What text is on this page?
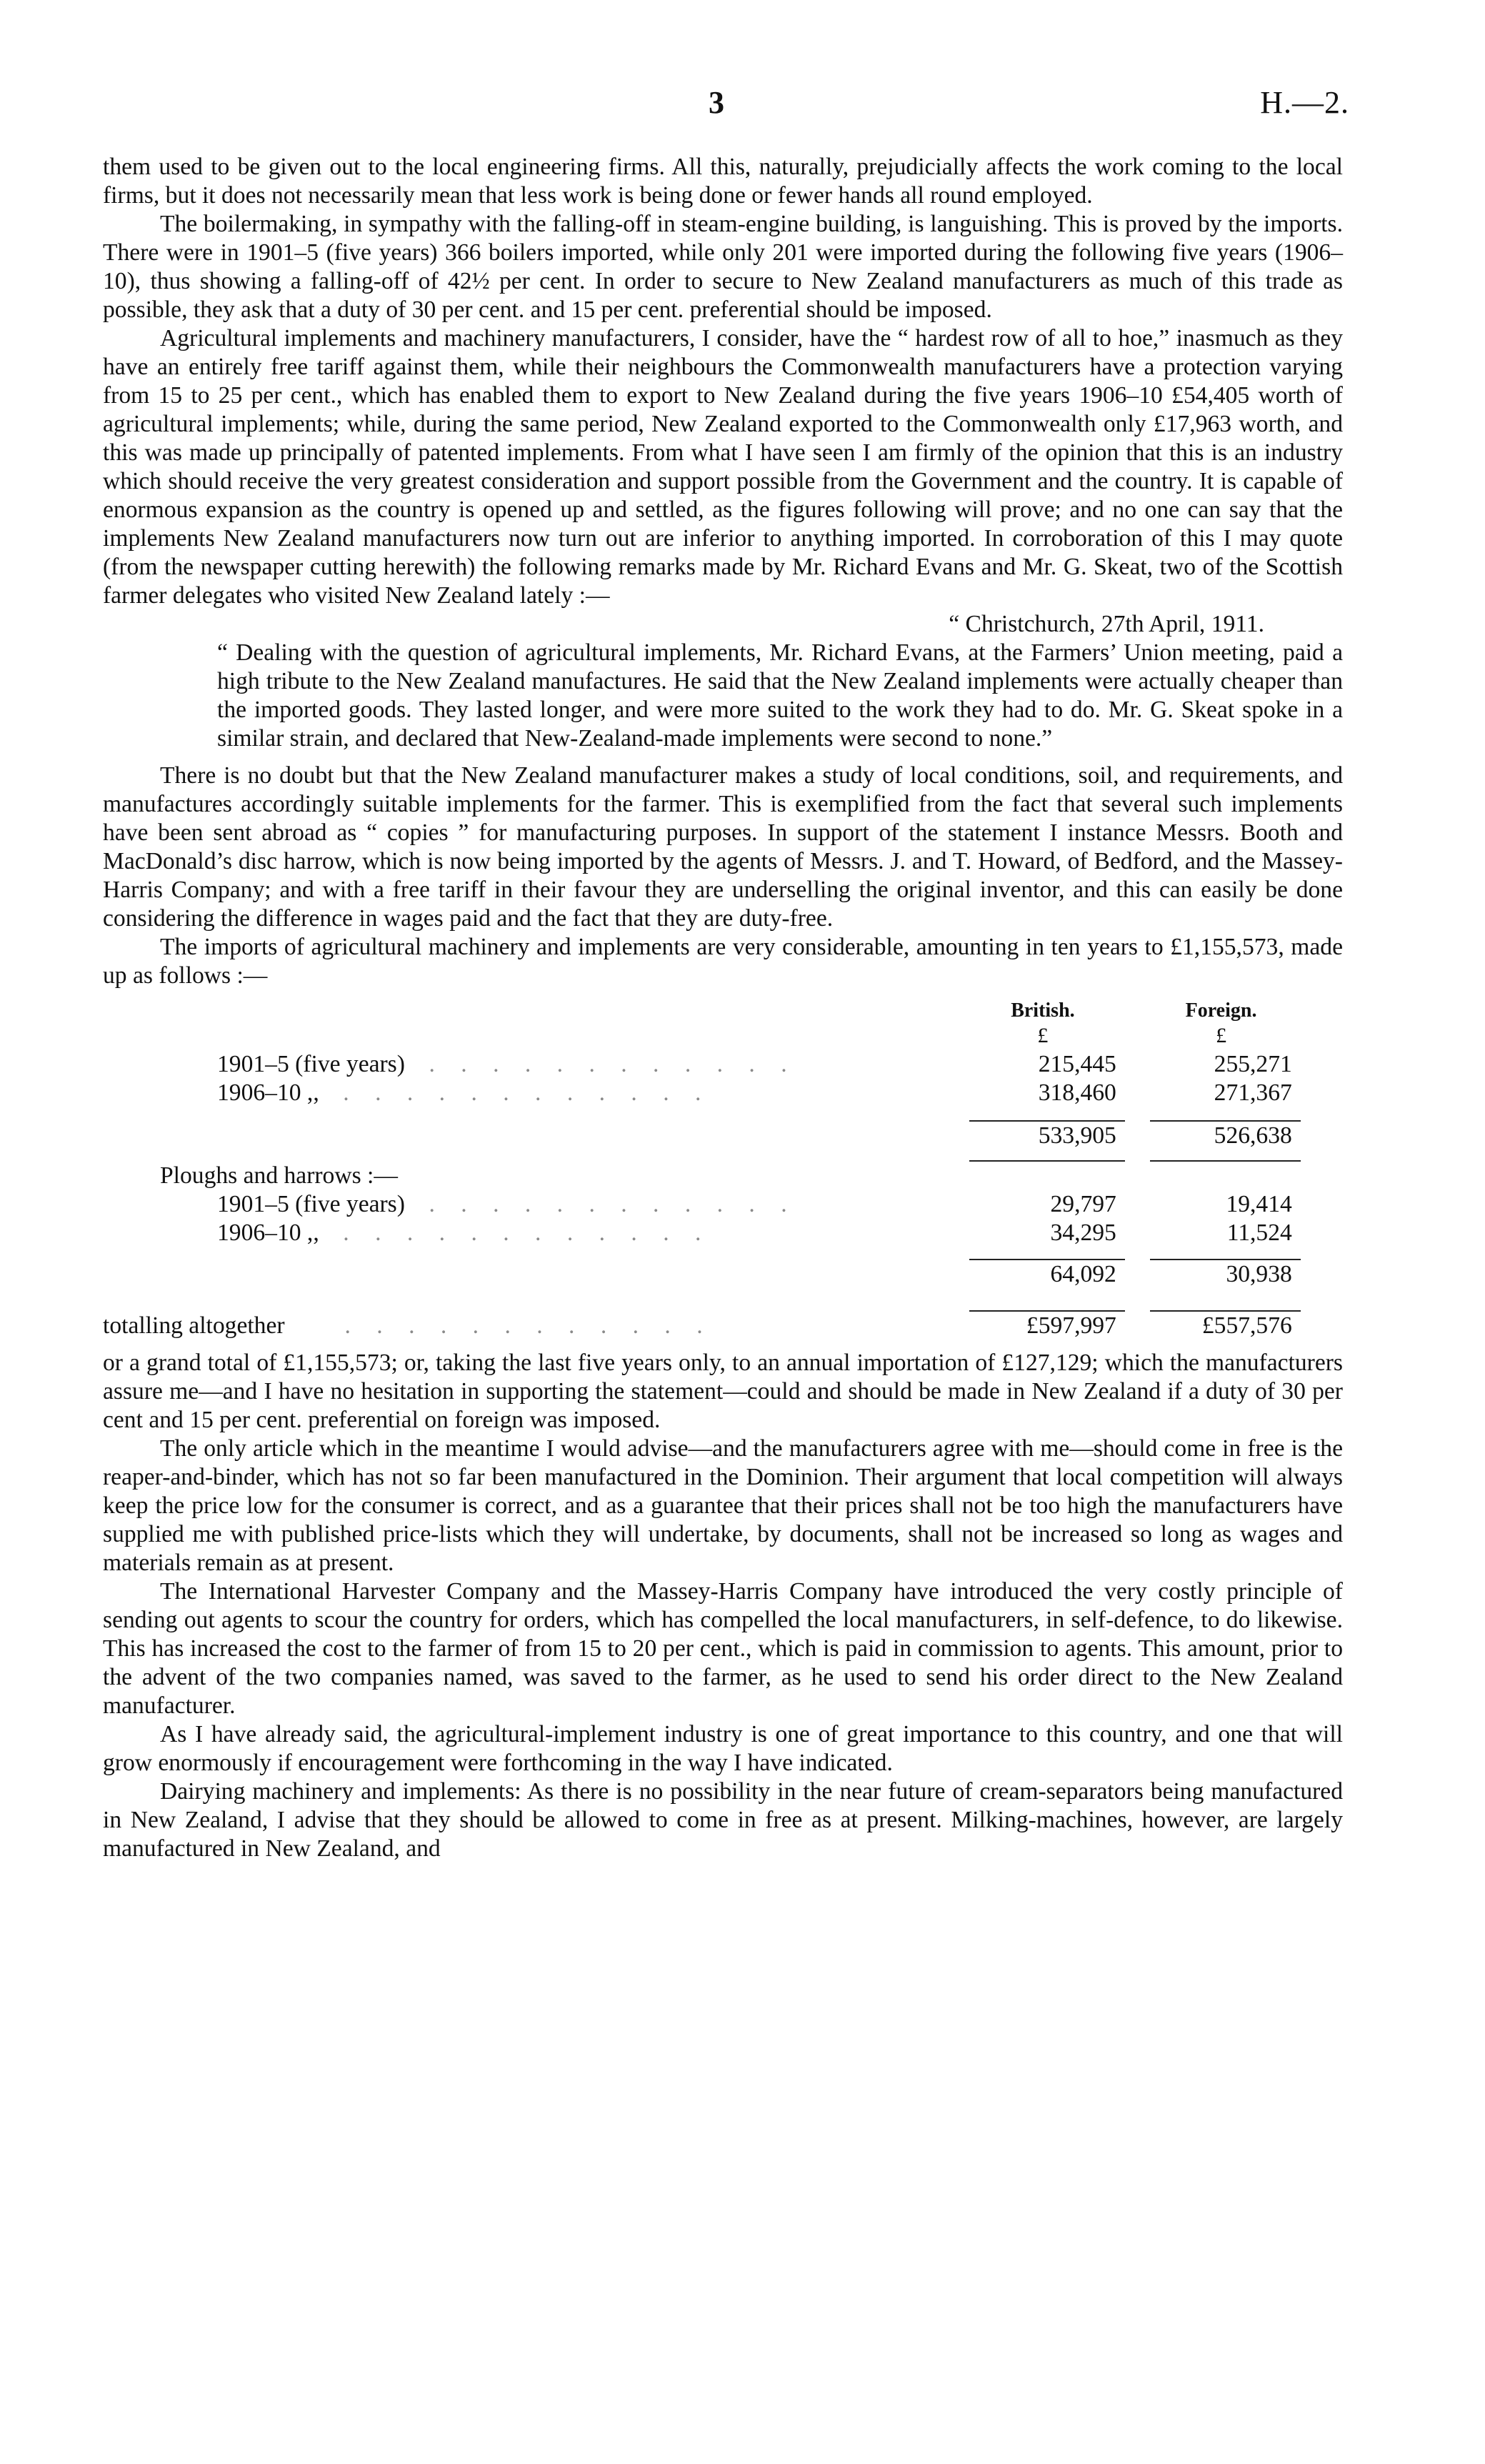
3	H.—2.

them used to be given out to the local engineering firms. All this, naturally, prejudicially affects the work coming to the local firms, but it does not necessarily mean that less work is being done or fewer hands all round employed.

The boilermaking, in sympathy with the falling-off in steam-engine building, is languishing. This is proved by the imports. There were in 1901–5 (five years) 366 boilers imported, while only 201 were imported during the following five years (1906–10), thus showing a falling-off of 42½ per cent. In order to secure to New Zealand manufacturers as much of this trade as possible, they ask that a duty of 30 per cent. and 15 per cent. preferential should be imposed.

Agricultural implements and machinery manufacturers, I consider, have the “ hardest row of all to hoe,” inasmuch as they have an entirely free tariff against them, while their neighbours the Commonwealth manufacturers have a protection varying from 15 to 25 per cent., which has enabled them to export to New Zealand during the five years 1906–10 £54,405 worth of agricultural implements; while, during the same period, New Zealand exported to the Commonwealth only £17,963 worth, and this was made up principally of patented implements. From what I have seen I am firmly of the opinion that this is an industry which should receive the very greatest consideration and support possible from the Government and the country. It is capable of enormous expansion as the country is opened up and settled, as the figures following will prove; and no one can say that the implements New Zealand manufacturers now turn out are inferior to anything imported. In corroboration of this I may quote (from the newspaper cutting herewith) the following remarks made by Mr. Richard Evans and Mr. G. Skeat, two of the Scottish farmer delegates who visited New Zealand lately :—

“ Christchurch, 27th April, 1911.

“ Dealing with the question of agricultural implements, Mr. Richard Evans, at the Farmers’ Union meeting, paid a high tribute to the New Zealand manufactures. He said that the New Zealand implements were actually cheaper than the imported goods. They lasted longer, and were more suited to the work they had to do. Mr. G. Skeat spoke in a similar strain, and declared that New-Zealand-made implements were second to none.”

There is no doubt but that the New Zealand manufacturer makes a study of local conditions, soil, and requirements, and manufactures accordingly suitable implements for the farmer. This is exemplified from the fact that several such implements have been sent abroad as “ copies ” for manufacturing purposes. In support of the statement I instance Messrs. Booth and MacDonald’s disc harrow, which is now being imported by the agents of Messrs. J. and T. Howard, of Bedford, and the Massey-Harris Company; and with a free tariff in their favour they are underselling the original inventor, and this can easily be done considering the difference in wages paid and the fact that they are duty-free.

The imports of agricultural machinery and implements are very considerable, amounting in ten years to £1,155,573, made up as follows :—

	British.		Foreign.	
	£		£	
1901–5 (five years) . . . . . . . . . . . .	215,445		255,271	
1906–10 ,, . . . . . . . . . . . .	318,460		271,367	

	533,905		526,638	

Ploughs and harrows :—				
1901–5 (five years) . . . . . . . . . . . .	29,797		19,414	
1906–10 ,, . . . . . . . . . . . .	34,295		11,524	

	64,092		30,938	

totalling altogether . . . . . . . . . . . .	£597,997		£557,576	

or a grand total of £1,155,573; or, taking the last five years only, to an annual importation of £127,129; which the manufacturers assure me—and I have no hesitation in supporting the statement—could and should be made in New Zealand if a duty of 30 per cent and 15 per cent. preferential on foreign was imposed.

The only article which in the meantime I would advise—and the manufacturers agree with me—should come in free is the reaper-and-binder, which has not so far been manufactured in the Dominion. Their argument that local competition will always keep the price low for the consumer is correct, and as a guarantee that their prices shall not be too high the manufacturers have supplied me with published price-lists which they will undertake, by documents, shall not be increased so long as wages and materials remain as at present.

The International Harvester Company and the Massey-Harris Company have introduced the very costly principle of sending out agents to scour the country for orders, which has compelled the local manufacturers, in self-defence, to do likewise. This has increased the cost to the farmer of from 15 to 20 per cent., which is paid in commission to agents. This amount, prior to the advent of the two companies named, was saved to the farmer, as he used to send his order direct to the New Zealand manufacturer.

As I have already said, the agricultural-implement industry is one of great importance to this country, and one that will grow enormously if encouragement were forthcoming in the way I have indicated.

Dairying machinery and implements: As there is no possibility in the near future of cream-separators being manufactured in New Zealand, I advise that they should be allowed to come in free as at present. Milking-machines, however, are largely manufactured in New Zealand, and
